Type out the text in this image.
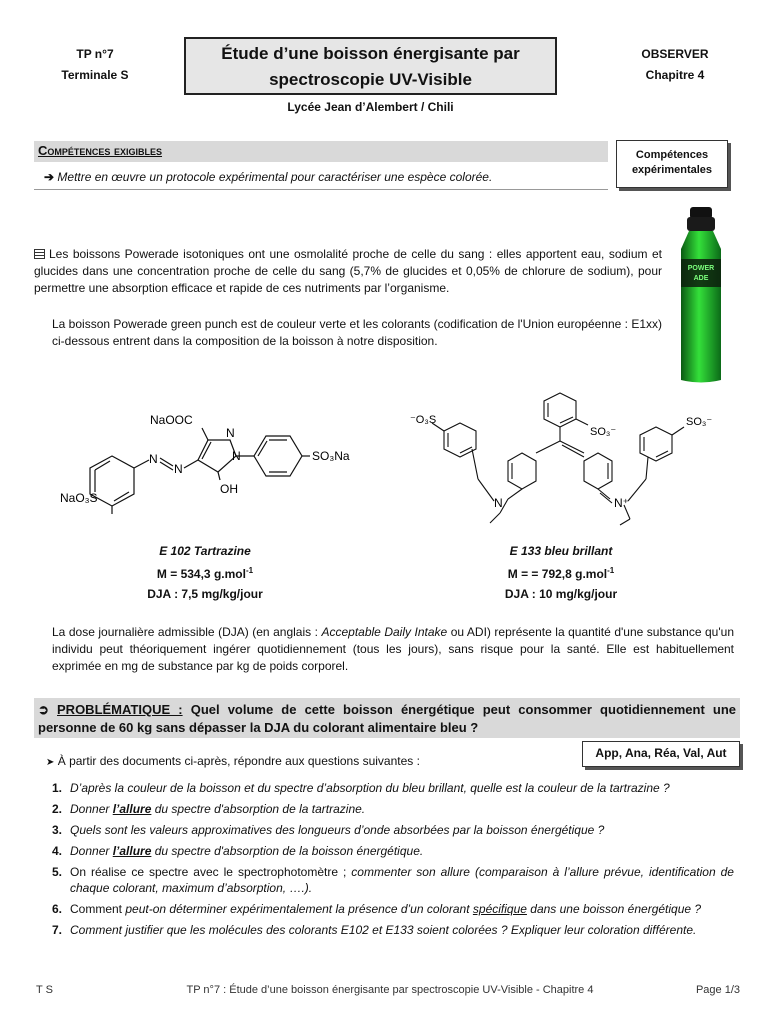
TP n°7
Terminale S
Étude d’une boisson énergisante par
spectroscopie UV-Visible
OBSERVER
Chapitre 4
Lycée Jean d’Alembert / Chili
Compétences exigibles
➔ Mettre en œuvre un protocole expérimental pour caractériser une espèce colorée.
Compétences
expérimentales
Les boissons Powerade isotoniques ont une osmolalité proche de celle du sang : elles apportent eau, sodium et glucides dans une concentration proche de celle du sang (5,7% de glucides et 0,05% de chlorure de sodium), pour permettre une absorption efficace et rapide de ces nutriments par l’organisme.
La boisson Powerade green punch est de couleur verte et les colorants (codification de l'Union européenne : E1xx) ci-dessous entrent dans la composition de la boisson à notre disposition.
POWER
ADE
NaOOC
N
N
N
N	SO₃Na
OH
NaO₃S
⁻O₃S
SO₃⁻
SO₃⁻
N	N⁺
E 102 Tartrazine
M = 534,3 g.mol$^{-1}$
DJA : 7,5 mg/kg/jour
E 133 bleu brillant
M = = 792,8 g.mol$^{-1}$
DJA : 10 mg/kg/jour
La dose journalière admissible (DJA) (en anglais : Acceptable Daily Intake ou ADI) représente la quantité d'une substance qu'un individu peut théoriquement ingérer quotidiennement (tous les jours), sans risque pour la santé. Elle est habituellement exprimée en mg de substance par kg de poids corporel.
➲ PROBLÉMATIQUE : Quel volume de cette boisson énergétique peut consommer quotidiennement une personne de 60 kg sans dépasser la DJA du colorant alimentaire bleu ?
App, Ana, Réa, Val, Aut
➤ À partir des documents ci-après, répondre aux questions suivantes :
1. D’après la couleur de la boisson et du spectre d’absorption du bleu brillant, quelle est la couleur de la tartrazine ?
2. Donner l’allure du spectre d'absorption de la tartrazine.
3. Quels sont les valeurs approximatives des longueurs d’onde absorbées par la boisson énergétique ?
4. Donner l’allure du spectre d'absorption de la boisson énergétique.
5. On réalise ce spectre avec le spectrophotomètre ; commenter son allure (comparaison à l’allure prévue, identification de chaque colorant, maximum d’absorption, ….).
6. Comment peut-on déterminer expérimentalement la présence d’un colorant spécifique dans une boisson énergétique ?
7. Comment justifier que les molécules des colorants E102 et E133 soient colorées ? Expliquer leur coloration différente.
T S	TP n°7 : Étude d’une boisson énergisante par spectroscopie UV-Visible - Chapitre 4	Page 1/3
